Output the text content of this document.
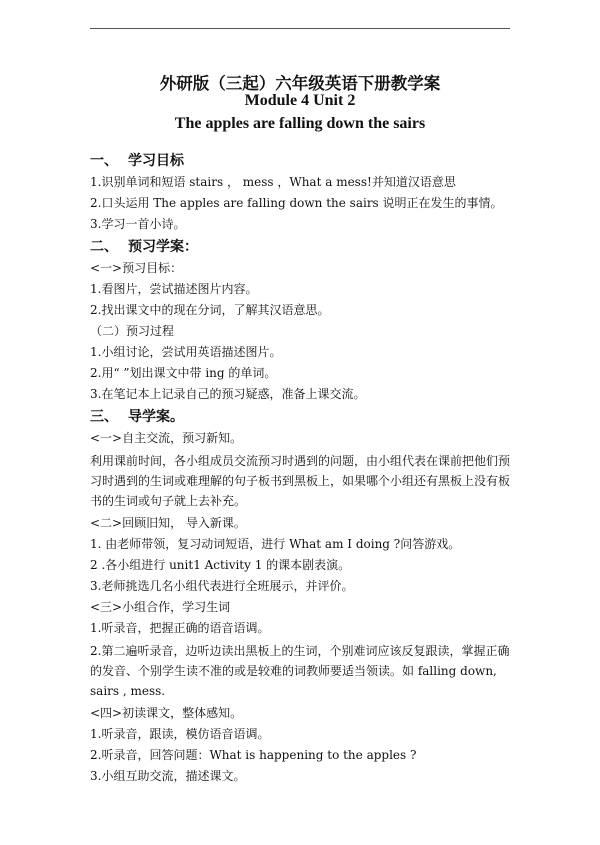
外研版（三起）六年级英语下册教学案
Module 4 Unit 2
The apples are falling down the sairs
一、 学习目标

1.识别单词和短语 stairs ， mess ，What a mess!并知道汉语意思

2.口头运用 The apples are falling down the sairs 说明正在发生的事情。

3.学习一首小诗。

二、 预习学案：

<一>预习目标：

1.看图片，尝试描述图片内容。

2.找出课文中的现在分词，了解其汉语意思。

（二）预习过程

1.小组讨论，尝试用英语描述图片。

2.用“ ”划出课文中带 ing 的单词。

3.在笔记本上记录自己的预习疑惑，准备上课交流。

三、 导学案。

<一>自主交流，预习新知。

利用课前时间，各小组成员交流预习时遇到的问题，由小组代表在课前把他们预习时遇到的生词或难理解的句子板书到黑板上，如果哪个小组还有黑板上没有板书的生词或句子就上去补充。

<二>回顾旧知， 导入新课。

1. 由老师带领，复习动词短语，进行 What am I doing ?问答游戏。

2 .各小组进行 unit1 Activity 1 的课本剧表演。

3.老师挑选几名小组代表进行全班展示，并评价。

<三>小组合作，学习生词

1.听录音，把握正确的语音语调。

2.第二遍听录音，边听边读出黑板上的生词，个别难词应该反复跟读，掌握正确的发音、个别学生读不准的或是较难的词教师要适当领读。如 falling down, sairs , mess.

<四>初读课文，整体感知。

1.听录音，跟读，模仿语音语调。

2.听录音，回答问题：What is happening to the apples ?

3.小组互助交流，描述课文。
